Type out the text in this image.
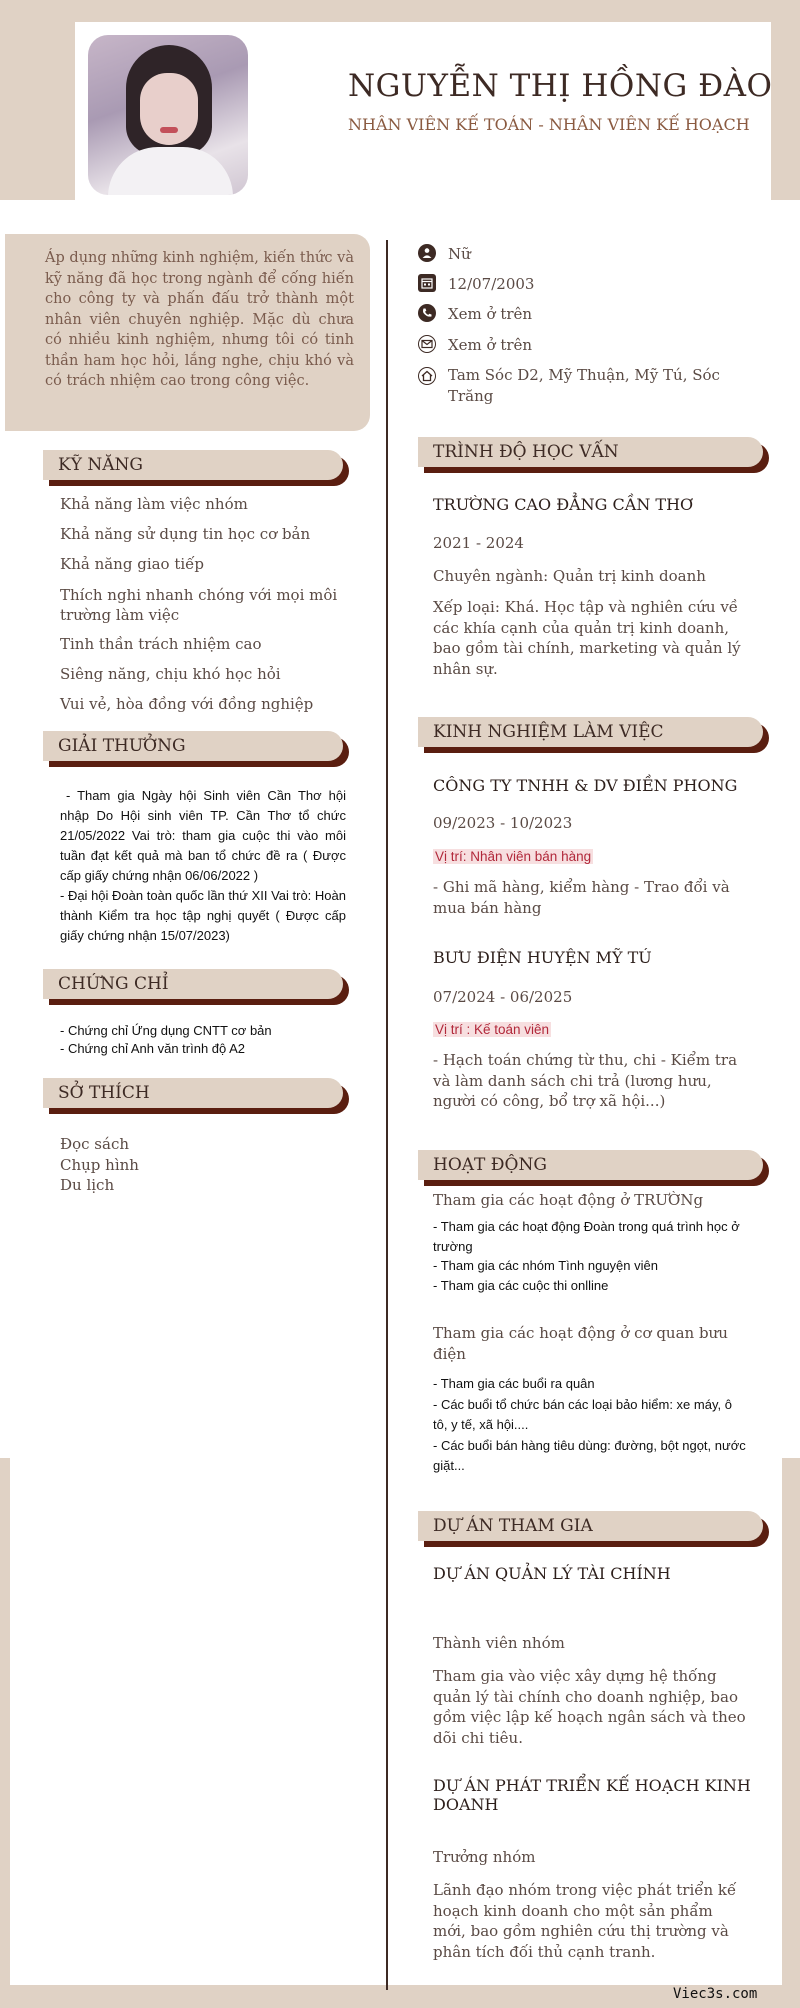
NGUYỄN THỊ HỒNG ĐÀO
NHÂN VIÊN KẾ TOÁN - NHÂN VIÊN KẾ HOẠCH
Áp dụng những kinh nghiệm, kiến thức và kỹ năng đã học trong ngành để cống hiến cho công ty và phấn đấu trở thành một nhân viên chuyên nghiệp. Mặc dù chưa có nhiều kinh nghiệm, nhưng tôi có tinh thần ham học hỏi, lắng nghe, chịu khó và có trách nhiệm cao trong công việc.
Nữ
12/07/2003
Xem ở trên
Xem ở trên
Tam Sóc D2, Mỹ Thuận, Mỹ Tú, Sóc Trăng
KỸ NĂNG
Khả năng làm việc nhóm
Khả năng sử dụng tin học cơ bản
Khả năng giao tiếp
Thích nghi nhanh chóng với mọi môi trường làm việc
Tinh thần trách nhiệm cao
Siêng năng, chịu khó học hỏi
Vui vẻ, hòa đồng với đồng nghiệp
GIẢI THƯỞNG
- Tham gia Ngày hội Sinh viên Cần Thơ hội nhập Do Hội sinh viên TP. Cần Thơ tổ chức 21/05/2022 Vai trò: tham gia cuộc thi vào môi tuần đạt kết quả mà ban tổ chức đề ra ( Được cấp giấy chứng nhận 06/06/2022 )
- Đại hội Đoàn toàn quốc lần thứ XII Vai trò: Hoàn thành Kiểm tra học tập nghị quyết ( Được cấp giấy chứng nhận 15/07/2023)
CHỨNG CHỈ
- Chứng chỉ Ứng dụng CNTT cơ bản
- Chứng chỉ Anh văn trình độ A2
SỞ THÍCH
Đọc sách
Chụp hình
Du lịch
TRÌNH ĐỘ HỌC VẤN
TRƯỜNG CAO ĐẲNG CẦN THƠ
2021 - 2024
Chuyên ngành: Quản trị kinh doanh
Xếp loại: Khá. Học tập và nghiên cứu về các khía cạnh của quản trị kinh doanh, bao gồm tài chính, marketing và quản lý nhân sự.
KINH NGHIỆM LÀM VIỆC
CÔNG TY TNHH & DV ĐIỀN PHONG
09/2023 - 10/2023
Vị trí: Nhân viên bán hàng
- Ghi mã hàng, kiểm hàng - Trao đổi và mua bán hàng
BƯU ĐIỆN HUYỆN MỸ TÚ
07/2024 - 06/2025
Vị trí : Kế toán viên
- Hạch toán chứng từ thu, chi - Kiểm tra và làm danh sách chi trả (lương hưu, người có công, bổ trợ xã hội...)
HOẠT ĐỘNG
Tham gia các hoạt động ở TRƯỜNg
- Tham gia các hoạt động Đoàn trong quá trình học ở
trường
- Tham gia các nhóm Tình nguyện viên
- Tham gia các cuộc thi onlline
Tham gia các hoạt động ở cơ quan bưu điện
- Tham gia các buổi ra quân
- Các buổi tổ chức bán các loại bảo hiểm: xe máy, ô tô, y tế, xã hội....
- Các buổi bán hàng tiêu dùng: đường, bột ngọt, nước giặt...
DỰ ÁN THAM GIA
DỰ ÁN QUẢN LÝ TÀI CHÍNH
Thành viên nhóm
Tham gia vào việc xây dựng hệ thống quản lý tài chính cho doanh nghiệp, bao gồm việc lập kế hoạch ngân sách và theo dõi chi tiêu.
DỰ ÁN PHÁT TRIỂN KẾ HOẠCH KINH DOANH
Trưởng nhóm
Lãnh đạo nhóm trong việc phát triển kế hoạch kinh doanh cho một sản phẩm mới, bao gồm nghiên cứu thị trường và phân tích đối thủ cạnh tranh.
Viec3s.com
